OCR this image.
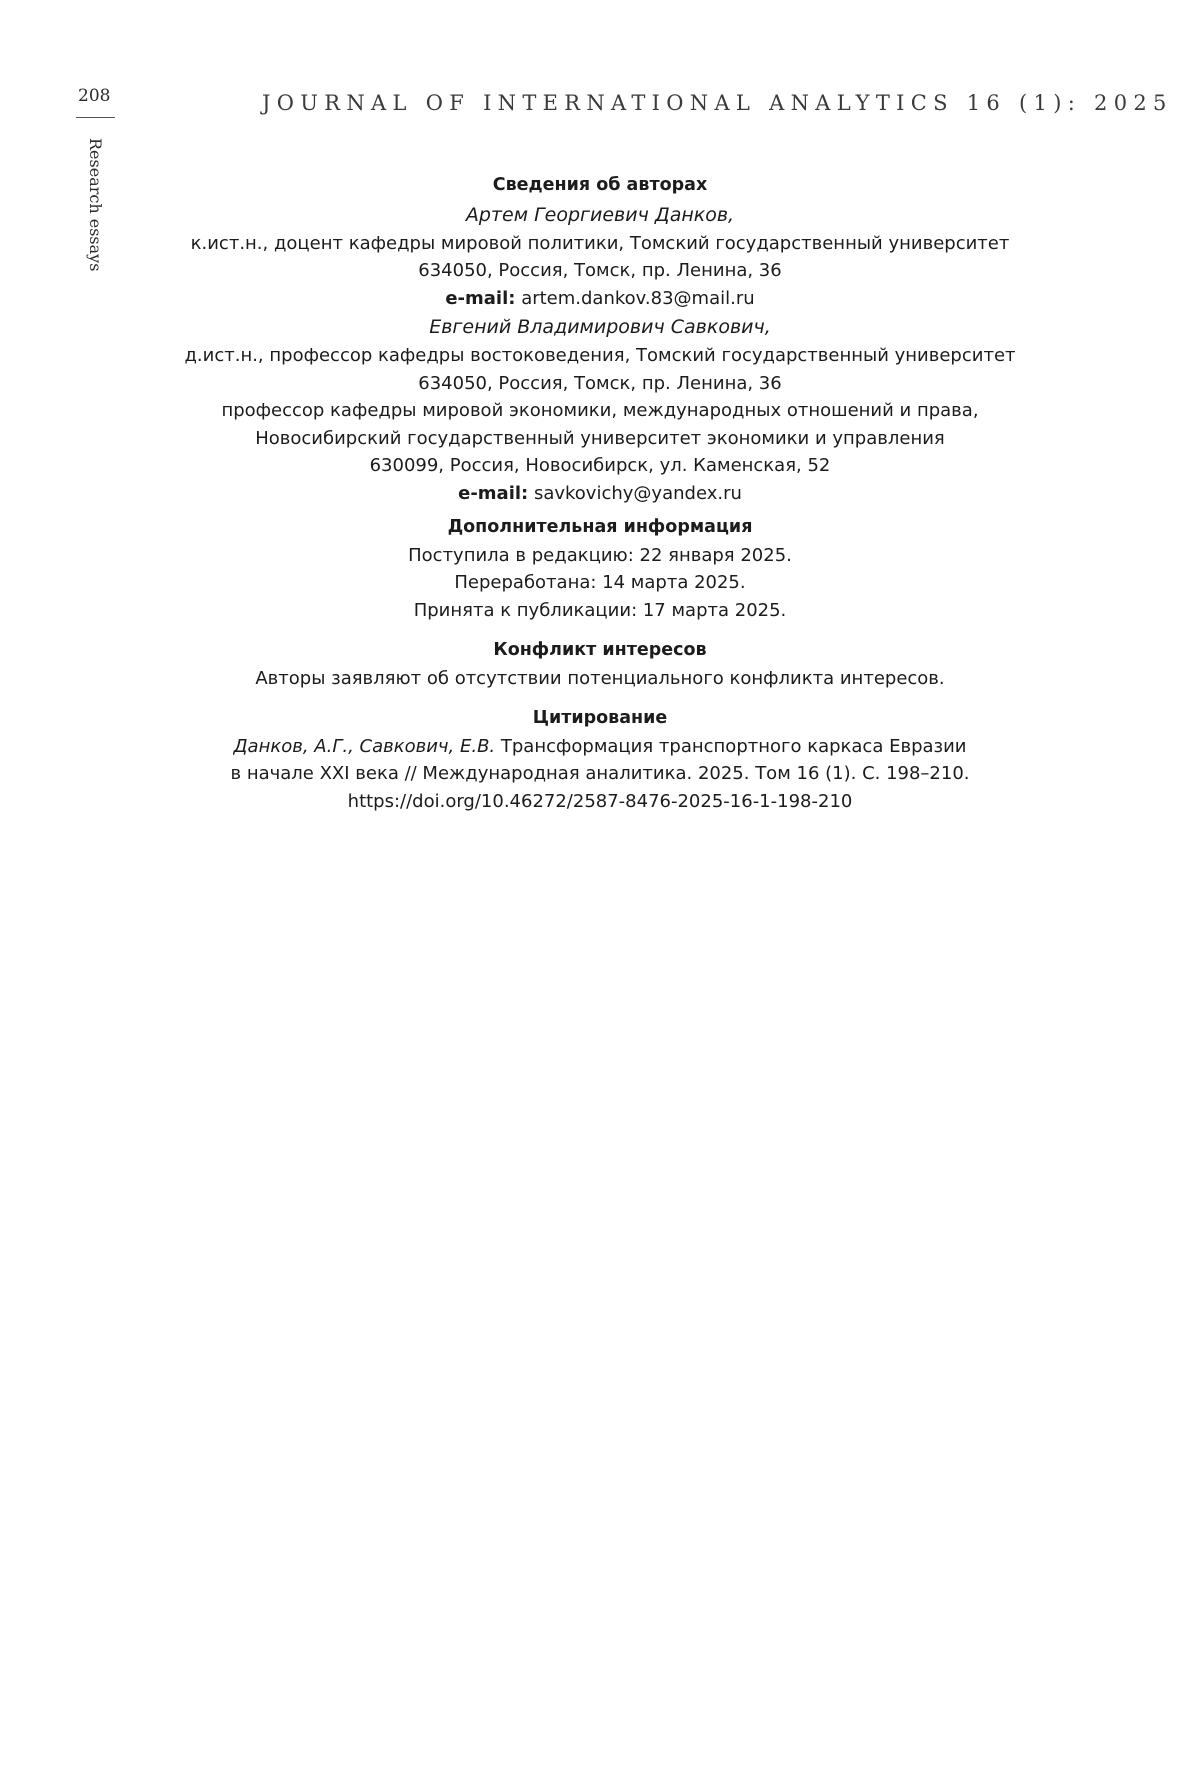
208	JOURNAL OF INTERNATIONAL ANALYTICS 16 (1): 2025
Research essays	Сведения об авторах

Артем Георгиевич Данков,

к.ист.н., доцент кафедры мировой политики, Томский государственный университет

634050, Россия, Томск, пр. Ленина, 36

e-mail: artem.dankov.83@mail.ru

Евгений Владимирович Савкович,

д.ист.н., профессор кафедры востоковедения, Томский государственный университет

634050, Россия, Томск, пр. Ленина, 36

профессор кафедры мировой экономики, международных отношений и права,

Новосибирский государственный университет экономики и управления

630099, Россия, Новосибирск, ул. Каменская, 52

e-mail: savkovichy@yandex.ru

Дополнительная информация

Поступила в редакцию: 22 января 2025.

Переработана: 14 марта 2025.

Принята к публикации: 17 марта 2025.

Конфликт интересов

Авторы заявляют об отсутствии потенциального конфликта интересов.

Цитирование

Данков, А.Г., Савкович, Е.В. Трансформация транспортного каркаса Евразии

в начале XXI века // Международная аналитика. 2025. Том 16 (1). С. 198–210.

https://doi.org/10.46272/2587-8476-2025-16-1-198-210
